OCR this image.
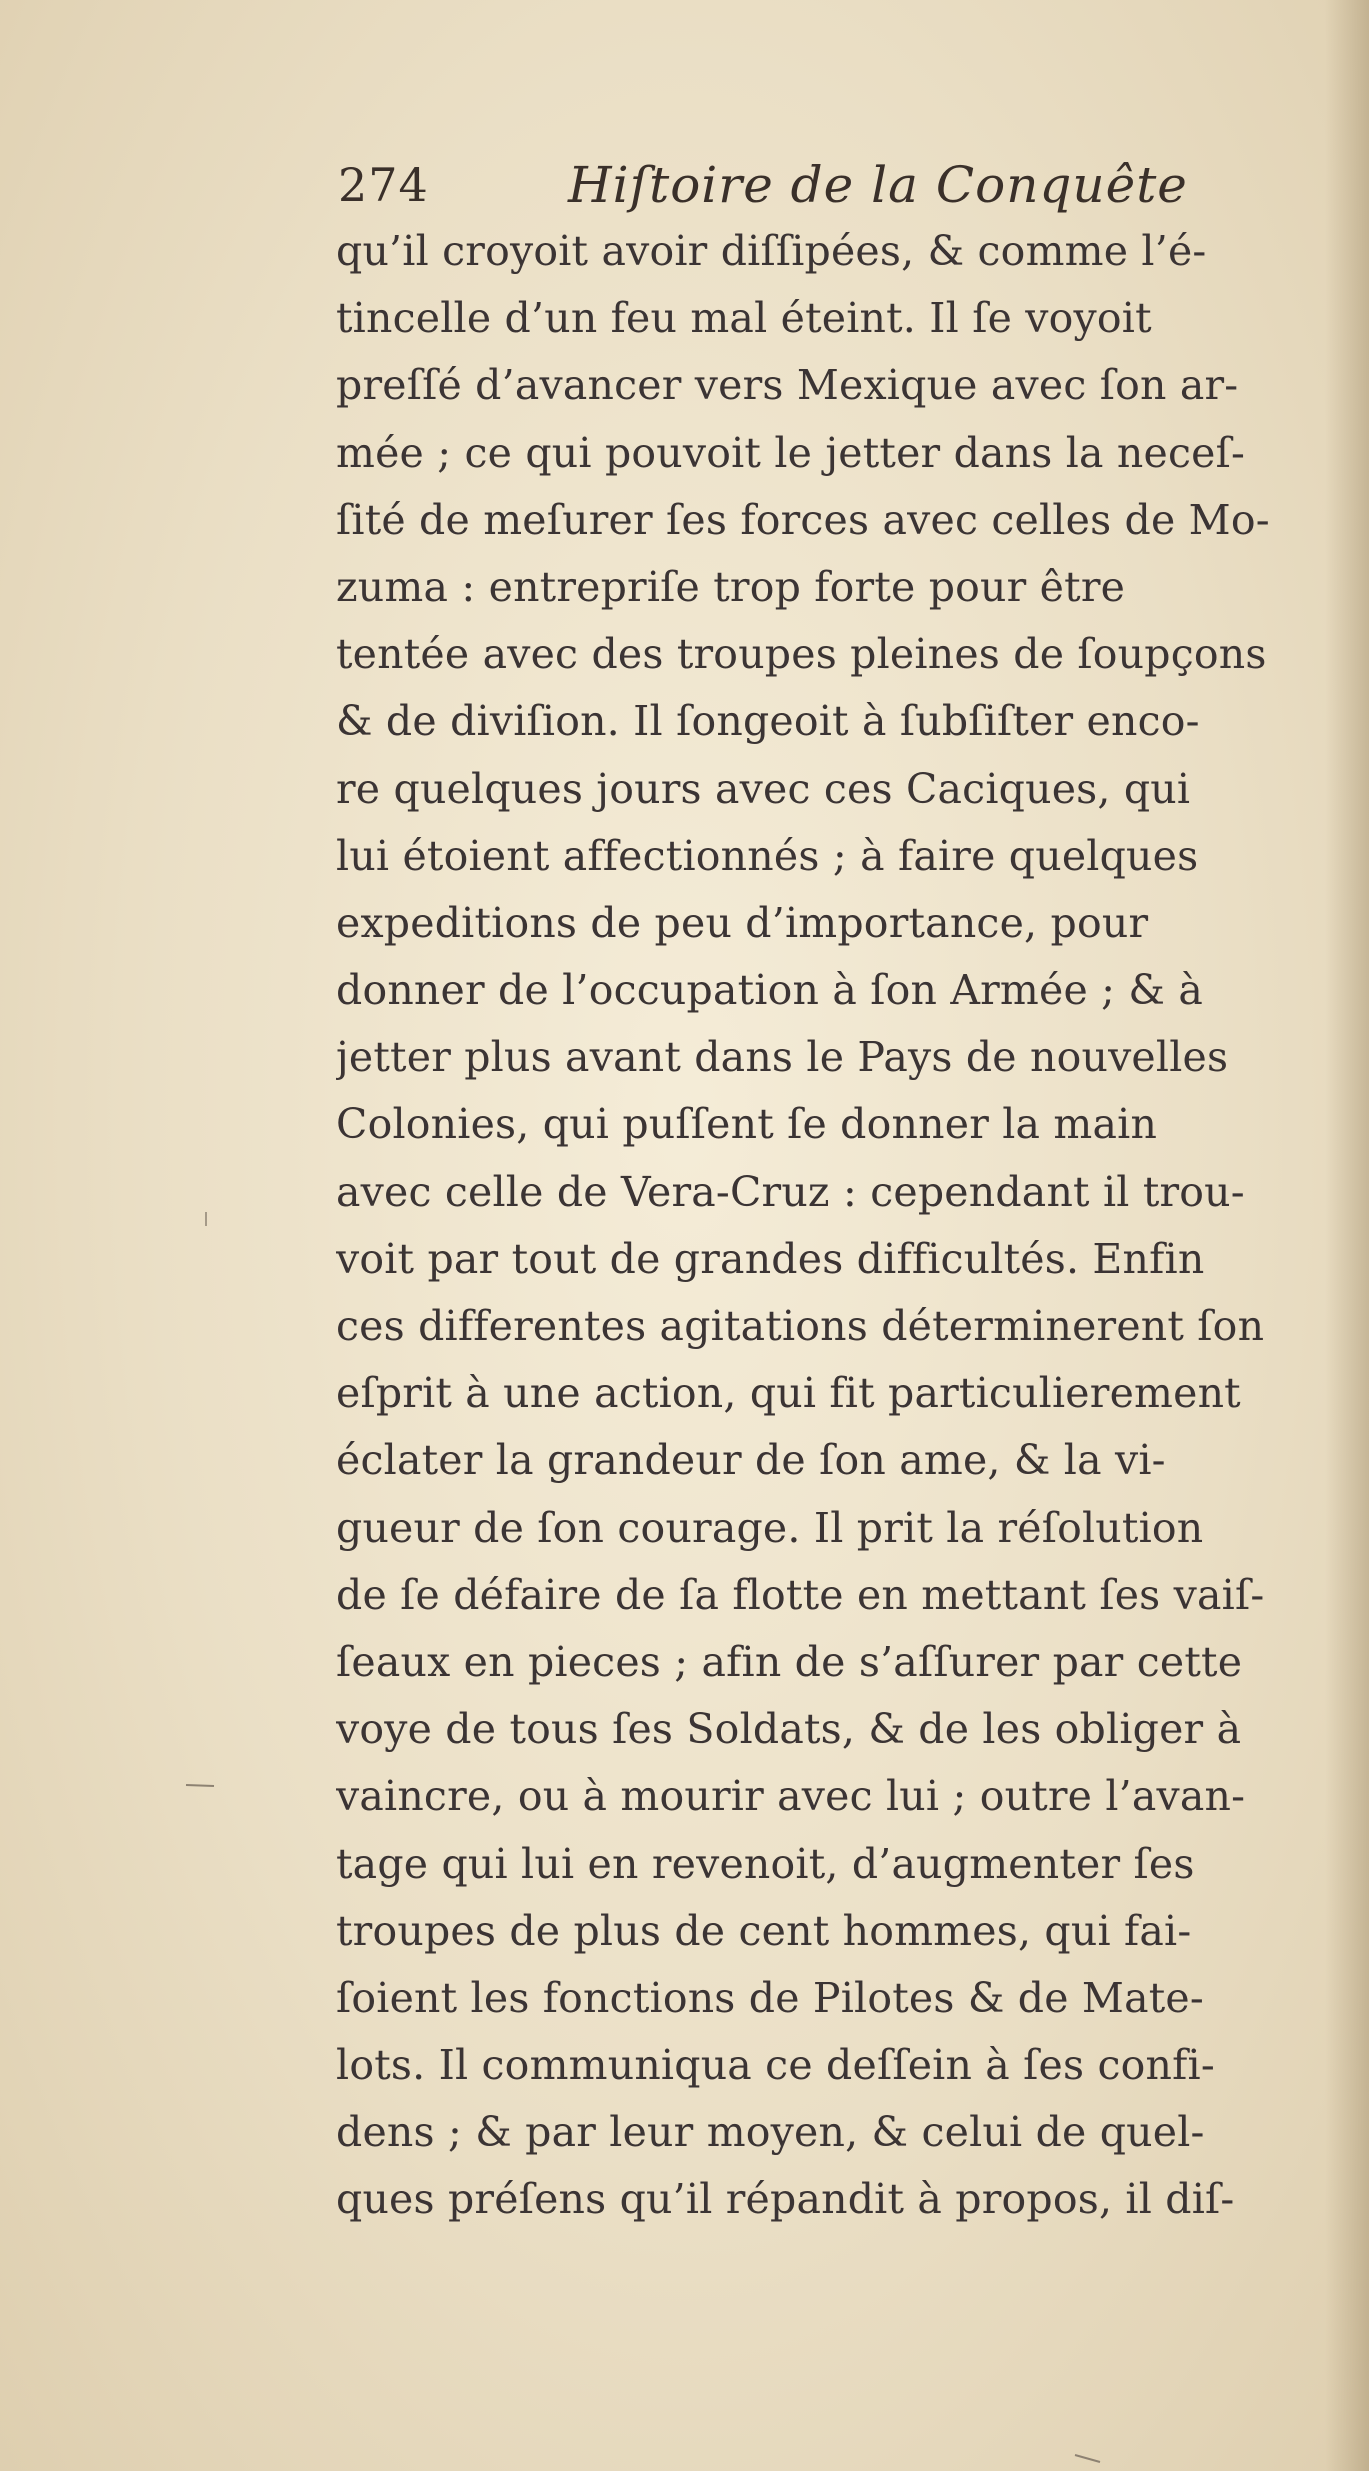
274	Hiſtoire de la Conquête
qu’il croyoit avoir diſſipées, & comme l’é-
tincelle d’un feu mal éteint. Il ſe voyoit
preſſé d’avancer vers Mexique avec ſon ar-
mée ; ce qui pouvoit le jetter dans la neceſ-
ſité de meſurer ſes forces avec celles de Mo-
zuma : entrepriſe trop forte pour être
tentée avec des troupes pleines de ſoupçons
& de diviſion. Il ſongeoit à ſubſiſter enco-
re quelques jours avec ces Caciques, qui
lui étoient affectionnés ; à faire quelques
expeditions de peu d’importance, pour
donner de l’occupation à ſon Armée ; & à
jetter plus avant dans le Pays de nouvelles
Colonies, qui puſſent ſe donner la main
avec celle de Vera-Cruz : cependant il trou-
voit par tout de grandes difficultés. Enfin
ces differentes agitations déterminerent ſon
eſprit à une action, qui fit particulierement
éclater la grandeur de ſon ame, & la vi-
gueur de ſon courage. Il prit la réſolution
de ſe défaire de ſa flotte en mettant ſes vaiſ-
ſeaux en pieces ; afin de s’aſſurer par cette
voye de tous ſes Soldats, & de les obliger à
vaincre, ou à mourir avec lui ; outre l’avan-
tage qui lui en revenoit, d’augmenter ſes
troupes de plus de cent hommes, qui fai-
ſoient les fonctions de Pilotes & de Mate-
lots. Il communiqua ce deſſein à ſes confi-
dens ; & par leur moyen, & celui de quel-
ques préſens qu’il répandit à propos, il diſ-
